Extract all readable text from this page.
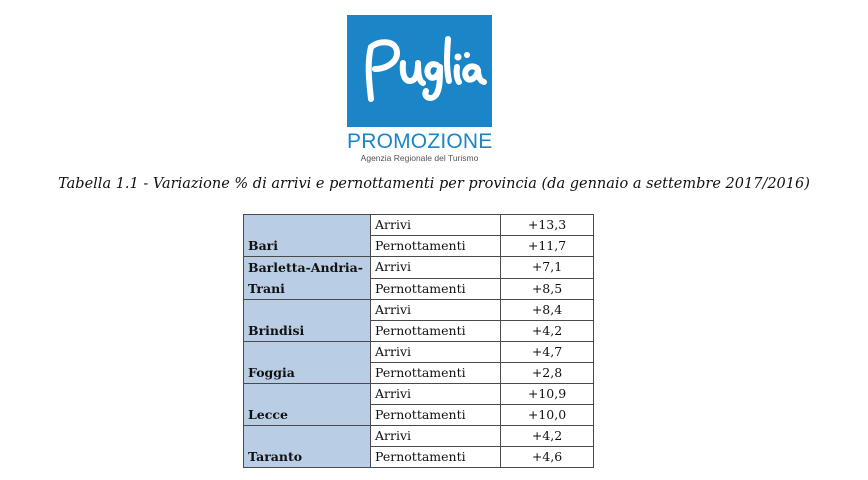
PROMOZIONE
Agenzia Regionale del Turismo
Tabella 1.1 - Variazione % di arrivi e pernottamenti per provincia (da gennaio a settembre 2017/2016)
Bari	Arrivi	+13,3
	Pernottamenti	+11,7

Barletta-Andria-Trani	Arrivi	+7,1
	Pernottamenti	+8,5

Brindisi	Arrivi	+8,4
	Pernottamenti	+4,2

Foggia	Arrivi	+4,7
	Pernottamenti	+2,8

Lecce	Arrivi	+10,9
	Pernottamenti	+10,0

Taranto	Arrivi	+4,2
	Pernottamenti	+4,6
